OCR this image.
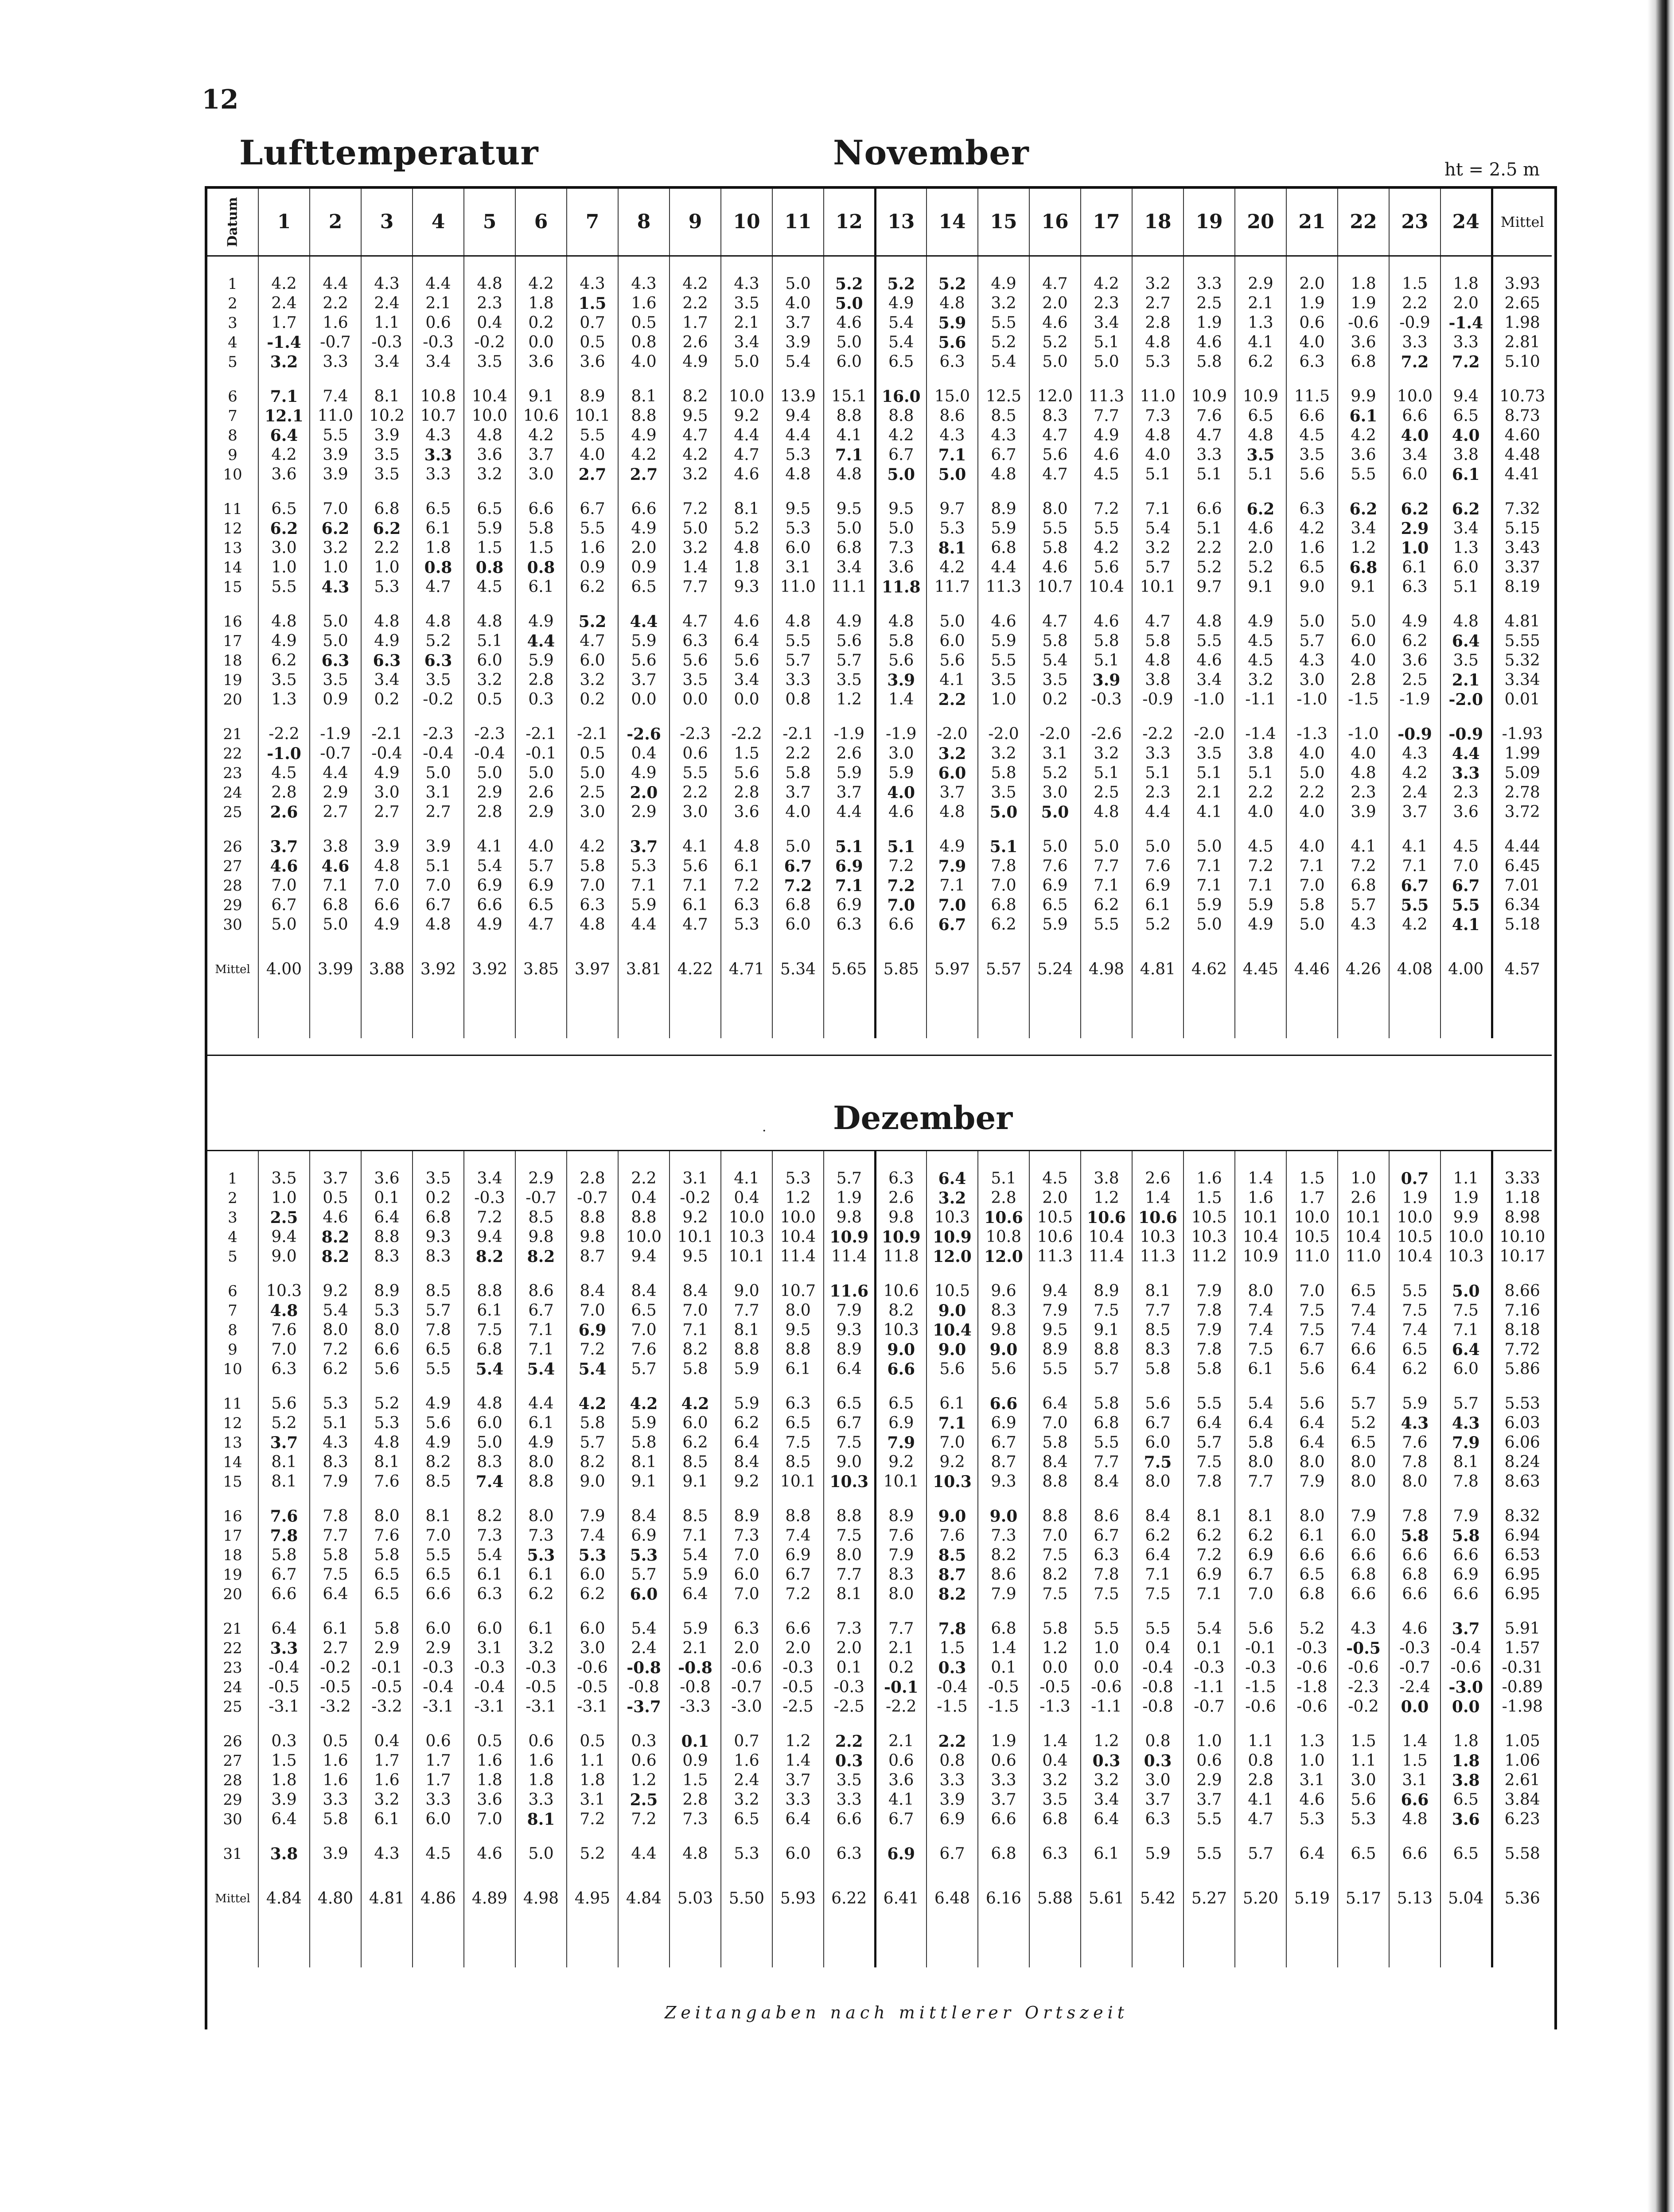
12
Lufttemperatur	November	ht = 2.5 m
Datum	1	2	3	4	5	6	7	8	9	10	11	12	13	14	15	16	17	18	19	20	21	22	23	24	Mittel

1	4.2	4.4	4.3	4.4	4.8	4.2	4.3	4.3	4.2	4.3	5.0	5.2	5.2	5.2	4.9	4.7	4.2	3.2	3.3	2.9	2.0	1.8	1.5	1.8	3.93
2	2.4	2.2	2.4	2.1	2.3	1.8	1.5	1.6	2.2	3.5	4.0	5.0	4.9	4.8	3.2	2.0	2.3	2.7	2.5	2.1	1.9	1.9	2.2	2.0	2.65
3	1.7	1.6	1.1	0.6	0.4	0.2	0.7	0.5	1.7	2.1	3.7	4.6	5.4	5.9	5.5	4.6	3.4	2.8	1.9	1.3	0.6	-0.6	-0.9	-1.4	1.98
4	-1.4	-0.7	-0.3	-0.3	-0.2	0.0	0.5	0.8	2.6	3.4	3.9	5.0	5.4	5.6	5.2	5.2	5.1	4.8	4.6	4.1	4.0	3.6	3.3	3.3	2.81
5	3.2	3.3	3.4	3.4	3.5	3.6	3.6	4.0	4.9	5.0	5.4	6.0	6.5	6.3	5.4	5.0	5.0	5.3	5.8	6.2	6.3	6.8	7.2	7.2	5.10

6	7.1	7.4	8.1	10.8	10.4	9.1	8.9	8.1	8.2	10.0	13.9	15.1	16.0	15.0	12.5	12.0	11.3	11.0	10.9	10.9	11.5	9.9	10.0	9.4	10.73
7	12.1	11.0	10.2	10.7	10.0	10.6	10.1	8.8	9.5	9.2	9.4	8.8	8.8	8.6	8.5	8.3	7.7	7.3	7.6	6.5	6.6	6.1	6.6	6.5	8.73
8	6.4	5.5	3.9	4.3	4.8	4.2	5.5	4.9	4.7	4.4	4.4	4.1	4.2	4.3	4.3	4.7	4.9	4.8	4.7	4.8	4.5	4.2	4.0	4.0	4.60
9	4.2	3.9	3.5	3.3	3.6	3.7	4.0	4.2	4.2	4.7	5.3	7.1	6.7	7.1	6.7	5.6	4.6	4.0	3.3	3.5	3.5	3.6	3.4	3.8	4.48
10	3.6	3.9	3.5	3.3	3.2	3.0	2.7	2.7	3.2	4.6	4.8	4.8	5.0	5.0	4.8	4.7	4.5	5.1	5.1	5.1	5.6	5.5	6.0	6.1	4.41

11	6.5	7.0	6.8	6.5	6.5	6.6	6.7	6.6	7.2	8.1	9.5	9.5	9.5	9.7	8.9	8.0	7.2	7.1	6.6	6.2	6.3	6.2	6.2	6.2	7.32
12	6.2	6.2	6.2	6.1	5.9	5.8	5.5	4.9	5.0	5.2	5.3	5.0	5.0	5.3	5.9	5.5	5.5	5.4	5.1	4.6	4.2	3.4	2.9	3.4	5.15
13	3.0	3.2	2.2	1.8	1.5	1.5	1.6	2.0	3.2	4.8	6.0	6.8	7.3	8.1	6.8	5.8	4.2	3.2	2.2	2.0	1.6	1.2	1.0	1.3	3.43
14	1.0	1.0	1.0	0.8	0.8	0.8	0.9	0.9	1.4	1.8	3.1	3.4	3.6	4.2	4.4	4.6	5.6	5.7	5.2	5.2	6.5	6.8	6.1	6.0	3.37
15	5.5	4.3	5.3	4.7	4.5	6.1	6.2	6.5	7.7	9.3	11.0	11.1	11.8	11.7	11.3	10.7	10.4	10.1	9.7	9.1	9.0	9.1	6.3	5.1	8.19

16	4.8	5.0	4.8	4.8	4.8	4.9	5.2	4.4	4.7	4.6	4.8	4.9	4.8	5.0	4.6	4.7	4.6	4.7	4.8	4.9	5.0	5.0	4.9	4.8	4.81
17	4.9	5.0	4.9	5.2	5.1	4.4	4.7	5.9	6.3	6.4	5.5	5.6	5.8	6.0	5.9	5.8	5.8	5.8	5.5	4.5	5.7	6.0	6.2	6.4	5.55
18	6.2	6.3	6.3	6.3	6.0	5.9	6.0	5.6	5.6	5.6	5.7	5.7	5.6	5.6	5.5	5.4	5.1	4.8	4.6	4.5	4.3	4.0	3.6	3.5	5.32
19	3.5	3.5	3.4	3.5	3.2	2.8	3.2	3.7	3.5	3.4	3.3	3.5	3.9	4.1	3.5	3.5	3.9	3.8	3.4	3.2	3.0	2.8	2.5	2.1	3.34
20	1.3	0.9	0.2	-0.2	0.5	0.3	0.2	0.0	0.0	0.0	0.8	1.2	1.4	2.2	1.0	0.2	-0.3	-0.9	-1.0	-1.1	-1.0	-1.5	-1.9	-2.0	0.01

21	-2.2	-1.9	-2.1	-2.3	-2.3	-2.1	-2.1	-2.6	-2.3	-2.2	-2.1	-1.9	-1.9	-2.0	-2.0	-2.0	-2.6	-2.2	-2.0	-1.4	-1.3	-1.0	-0.9	-0.9	-1.93
22	-1.0	-0.7	-0.4	-0.4	-0.4	-0.1	0.5	0.4	0.6	1.5	2.2	2.6	3.0	3.2	3.2	3.1	3.2	3.3	3.5	3.8	4.0	4.0	4.3	4.4	1.99
23	4.5	4.4	4.9	5.0	5.0	5.0	5.0	4.9	5.5	5.6	5.8	5.9	5.9	6.0	5.8	5.2	5.1	5.1	5.1	5.1	5.0	4.8	4.2	3.3	5.09
24	2.8	2.9	3.0	3.1	2.9	2.6	2.5	2.0	2.2	2.8	3.7	3.7	4.0	3.7	3.5	3.0	2.5	2.3	2.1	2.2	2.2	2.3	2.4	2.3	2.78
25	2.6	2.7	2.7	2.7	2.8	2.9	3.0	2.9	3.0	3.6	4.0	4.4	4.6	4.8	5.0	5.0	4.8	4.4	4.1	4.0	4.0	3.9	3.7	3.6	3.72

26	3.7	3.8	3.9	3.9	4.1	4.0	4.2	3.7	4.1	4.8	5.0	5.1	5.1	4.9	5.1	5.0	5.0	5.0	5.0	4.5	4.0	4.1	4.1	4.5	4.44
27	4.6	4.6	4.8	5.1	5.4	5.7	5.8	5.3	5.6	6.1	6.7	6.9	7.2	7.9	7.8	7.6	7.7	7.6	7.1	7.2	7.1	7.2	7.1	7.0	6.45
28	7.0	7.1	7.0	7.0	6.9	6.9	7.0	7.1	7.1	7.2	7.2	7.1	7.2	7.1	7.0	6.9	7.1	6.9	7.1	7.1	7.0	6.8	6.7	6.7	7.01
29	6.7	6.8	6.6	6.7	6.6	6.5	6.3	5.9	6.1	6.3	6.8	6.9	7.0	7.0	6.8	6.5	6.2	6.1	5.9	5.9	5.8	5.7	5.5	5.5	6.34
30	5.0	5.0	4.9	4.8	4.9	4.7	4.8	4.4	4.7	5.3	6.0	6.3	6.6	6.7	6.2	5.9	5.5	5.2	5.0	4.9	5.0	4.3	4.2	4.1	5.18

Mittel	4.00	3.99	3.88	3.92	3.92	3.85	3.97	3.81	4.22	4.71	5.34	5.65	5.85	5.97	5.57	5.24	4.98	4.81	4.62	4.45	4.46	4.26	4.08	4.00	4.57

Dezember
·

1	3.5	3.7	3.6	3.5	3.4	2.9	2.8	2.2	3.1	4.1	5.3	5.7	6.3	6.4	5.1	4.5	3.8	2.6	1.6	1.4	1.5	1.0	0.7	1.1	3.33
2	1.0	0.5	0.1	0.2	-0.3	-0.7	-0.7	0.4	-0.2	0.4	1.2	1.9	2.6	3.2	2.8	2.0	1.2	1.4	1.5	1.6	1.7	2.6	1.9	1.9	1.18
3	2.5	4.6	6.4	6.8	7.2	8.5	8.8	8.8	9.2	10.0	10.0	9.8	9.8	10.3	10.6	10.5	10.6	10.6	10.5	10.1	10.0	10.1	10.0	9.9	8.98
4	9.4	8.2	8.8	9.3	9.4	9.8	9.8	10.0	10.1	10.3	10.4	10.9	10.9	10.9	10.8	10.6	10.4	10.3	10.3	10.4	10.5	10.4	10.5	10.0	10.10
5	9.0	8.2	8.3	8.3	8.2	8.2	8.7	9.4	9.5	10.1	11.4	11.4	11.8	12.0	12.0	11.3	11.4	11.3	11.2	10.9	11.0	11.0	10.4	10.3	10.17

6	10.3	9.2	8.9	8.5	8.8	8.6	8.4	8.4	8.4	9.0	10.7	11.6	10.6	10.5	9.6	9.4	8.9	8.1	7.9	8.0	7.0	6.5	5.5	5.0	8.66
7	4.8	5.4	5.3	5.7	6.1	6.7	7.0	6.5	7.0	7.7	8.0	7.9	8.2	9.0	8.3	7.9	7.5	7.7	7.8	7.4	7.5	7.4	7.5	7.5	7.16
8	7.6	8.0	8.0	7.8	7.5	7.1	6.9	7.0	7.1	8.1	9.5	9.3	10.3	10.4	9.8	9.5	9.1	8.5	7.9	7.4	7.5	7.4	7.4	7.1	8.18
9	7.0	7.2	6.6	6.5	6.8	7.1	7.2	7.6	8.2	8.8	8.8	8.9	9.0	9.0	9.0	8.9	8.8	8.3	7.8	7.5	6.7	6.6	6.5	6.4	7.72
10	6.3	6.2	5.6	5.5	5.4	5.4	5.4	5.7	5.8	5.9	6.1	6.4	6.6	5.6	5.6	5.5	5.7	5.8	5.8	6.1	5.6	6.4	6.2	6.0	5.86

11	5.6	5.3	5.2	4.9	4.8	4.4	4.2	4.2	4.2	5.9	6.3	6.5	6.5	6.1	6.6	6.4	5.8	5.6	5.5	5.4	5.6	5.7	5.9	5.7	5.53
12	5.2	5.1	5.3	5.6	6.0	6.1	5.8	5.9	6.0	6.2	6.5	6.7	6.9	7.1	6.9	7.0	6.8	6.7	6.4	6.4	6.4	5.2	4.3	4.3	6.03
13	3.7	4.3	4.8	4.9	5.0	4.9	5.7	5.8	6.2	6.4	7.5	7.5	7.9	7.0	6.7	5.8	5.5	6.0	5.7	5.8	6.4	6.5	7.6	7.9	6.06
14	8.1	8.3	8.1	8.2	8.3	8.0	8.2	8.1	8.5	8.4	8.5	9.0	9.2	9.2	8.7	8.4	7.7	7.5	7.5	8.0	8.0	8.0	7.8	8.1	8.24
15	8.1	7.9	7.6	8.5	7.4	8.8	9.0	9.1	9.1	9.2	10.1	10.3	10.1	10.3	9.3	8.8	8.4	8.0	7.8	7.7	7.9	8.0	8.0	7.8	8.63

16	7.6	7.8	8.0	8.1	8.2	8.0	7.9	8.4	8.5	8.9	8.8	8.8	8.9	9.0	9.0	8.8	8.6	8.4	8.1	8.1	8.0	7.9	7.8	7.9	8.32
17	7.8	7.7	7.6	7.0	7.3	7.3	7.4	6.9	7.1	7.3	7.4	7.5	7.6	7.6	7.3	7.0	6.7	6.2	6.2	6.2	6.1	6.0	5.8	5.8	6.94
18	5.8	5.8	5.8	5.5	5.4	5.3	5.3	5.3	5.4	7.0	6.9	8.0	7.9	8.5	8.2	7.5	6.3	6.4	7.2	6.9	6.6	6.6	6.6	6.6	6.53
19	6.7	7.5	6.5	6.5	6.1	6.1	6.0	5.7	5.9	6.0	6.7	7.7	8.3	8.7	8.6	8.2	7.8	7.1	6.9	6.7	6.5	6.8	6.8	6.9	6.95
20	6.6	6.4	6.5	6.6	6.3	6.2	6.2	6.0	6.4	7.0	7.2	8.1	8.0	8.2	7.9	7.5	7.5	7.5	7.1	7.0	6.8	6.6	6.6	6.6	6.95

21	6.4	6.1	5.8	6.0	6.0	6.1	6.0	5.4	5.9	6.3	6.6	7.3	7.7	7.8	6.8	5.8	5.5	5.5	5.4	5.6	5.2	4.3	4.6	3.7	5.91
22	3.3	2.7	2.9	2.9	3.1	3.2	3.0	2.4	2.1	2.0	2.0	2.0	2.1	1.5	1.4	1.2	1.0	0.4	0.1	-0.1	-0.3	-0.5	-0.3	-0.4	1.57
23	-0.4	-0.2	-0.1	-0.3	-0.3	-0.3	-0.6	-0.8	-0.8	-0.6	-0.3	0.1	0.2	0.3	0.1	0.0	0.0	-0.4	-0.3	-0.3	-0.6	-0.6	-0.7	-0.6	-0.31
24	-0.5	-0.5	-0.5	-0.4	-0.4	-0.5	-0.5	-0.8	-0.8	-0.7	-0.5	-0.3	-0.1	-0.4	-0.5	-0.5	-0.6	-0.8	-1.1	-1.5	-1.8	-2.3	-2.4	-3.0	-0.89
25	-3.1	-3.2	-3.2	-3.1	-3.1	-3.1	-3.1	-3.7	-3.3	-3.0	-2.5	-2.5	-2.2	-1.5	-1.5	-1.3	-1.1	-0.8	-0.7	-0.6	-0.6	-0.2	0.0	0.0	-1.98

26	0.3	0.5	0.4	0.6	0.5	0.6	0.5	0.3	0.1	0.7	1.2	2.2	2.1	2.2	1.9	1.4	1.2	0.8	1.0	1.1	1.3	1.5	1.4	1.8	1.05
27	1.5	1.6	1.7	1.7	1.6	1.6	1.1	0.6	0.9	1.6	1.4	0.3	0.6	0.8	0.6	0.4	0.3	0.3	0.6	0.8	1.0	1.1	1.5	1.8	1.06
28	1.8	1.6	1.6	1.7	1.8	1.8	1.8	1.2	1.5	2.4	3.7	3.5	3.6	3.3	3.3	3.2	3.2	3.0	2.9	2.8	3.1	3.0	3.1	3.8	2.61
29	3.9	3.3	3.2	3.3	3.6	3.3	3.1	2.5	2.8	3.2	3.3	3.3	4.1	3.9	3.7	3.5	3.4	3.7	3.7	4.1	4.6	5.6	6.6	6.5	3.84
30	6.4	5.8	6.1	6.0	7.0	8.1	7.2	7.2	7.3	6.5	6.4	6.6	6.7	6.9	6.6	6.8	6.4	6.3	5.5	4.7	5.3	5.3	4.8	3.6	6.23

31	3.8	3.9	4.3	4.5	4.6	5.0	5.2	4.4	4.8	5.3	6.0	6.3	6.9	6.7	6.8	6.3	6.1	5.9	5.5	5.7	6.4	6.5	6.6	6.5	5.58

Mittel	4.84	4.80	4.81	4.86	4.89	4.98	4.95	4.84	5.03	5.50	5.93	6.22	6.41	6.48	6.16	5.88	5.61	5.42	5.27	5.20	5.19	5.17	5.13	5.04	5.36

Zeitangaben nach mittlerer Ortszeit
